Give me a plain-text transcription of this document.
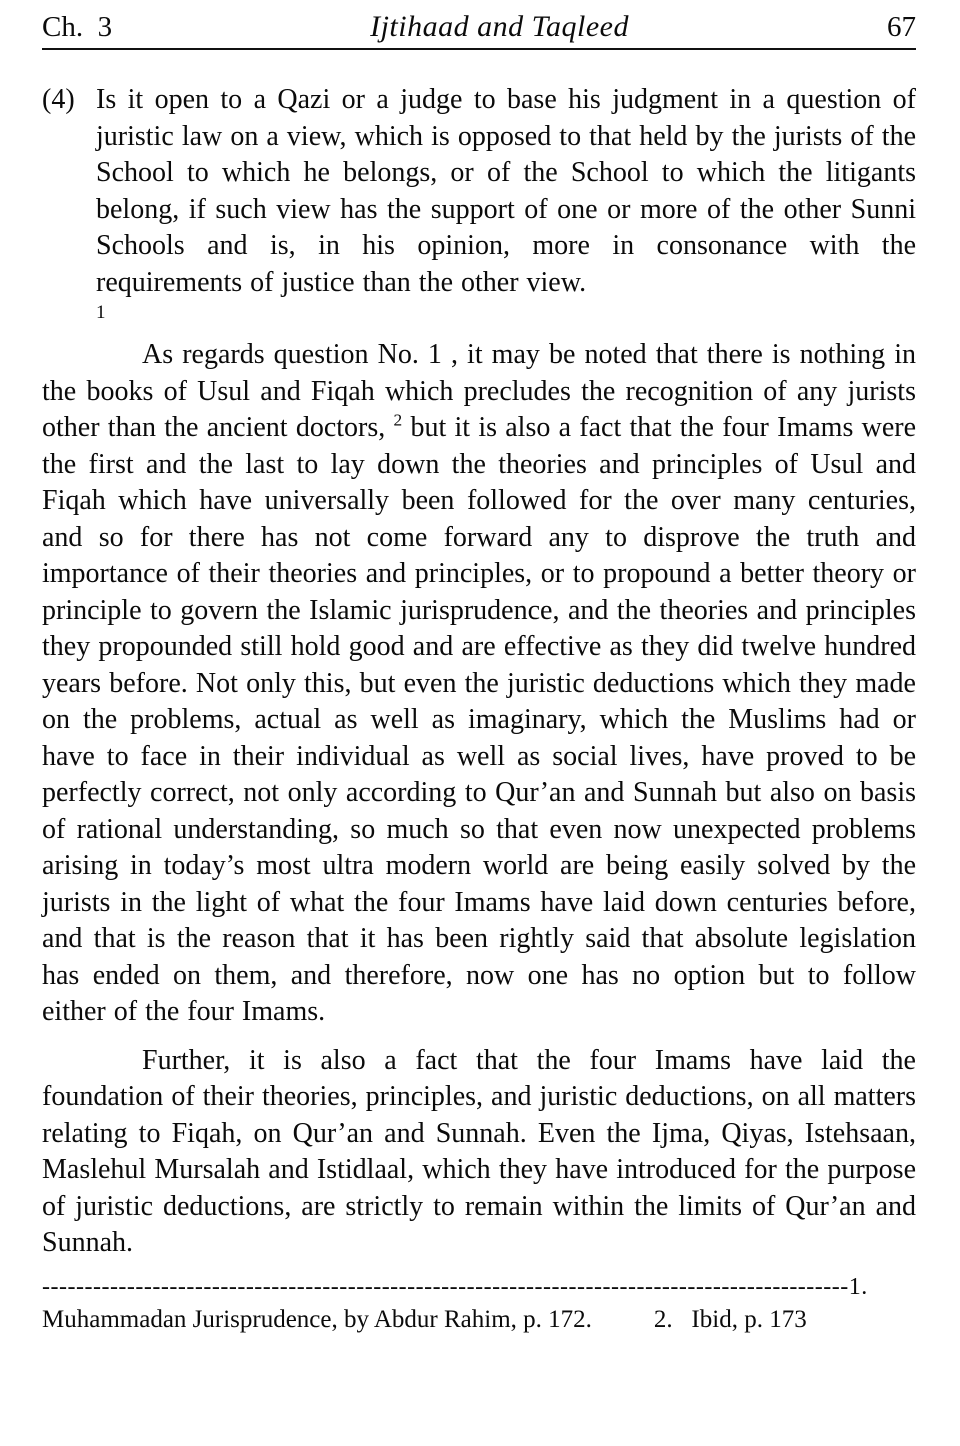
Ch.  3	Ijtihaad and Taqleed	67
(4) Is it open to a Qazi or a judge to base his judgment in a question of juristic law on a view, which is opposed to that held by the jurists of the School to which he belongs, or of the School to which the litigants belong, if such view has the support of one or more of the other Sunni Schools and is, in his opinion, more in consonance with the requirements of justice than the other view.
1
As regards question No. 1 , it may be noted that there is nothing in the books of Usul and Fiqah which precludes the recognition of any jurists other than the ancient doctors, $^2$ but it is also a fact that the four Imams were the first and the last to lay down the theories and principles of Usul and Fiqah which have universally been followed for the over many centuries, and so for there has not come forward any to disprove the truth and importance of their theories and principles, or to propound a better theory or principle to govern the Islamic jurisprudence, and the theories and principles they propounded still hold good and are effective as they did twelve hundred years before. Not only this, but even the juristic deductions which they made on the problems, actual as well as imaginary, which the Muslims had or have to face in their individual as well as social lives, have proved to be perfectly correct, not only according to Qur’an and Sunnah but also on basis of rational understanding, so much so that even now unexpected problems arising in today’s most ultra modern world are being easily solved by the jurists in the light of what the four Imams have laid down centuries before, and that is the reason that it has been rightly said that absolute legislation has ended on them, and therefore, now one has no option but to follow either of the four Imams.
Further, it is also a fact that the four Imams have laid the foundation of their theories, principles, and juristic deductions, on all matters relating to Fiqah, on Qur’an and Sunnah. Even the Ijma, Qiyas, Istehsaan, Maslehul Mursalah and Istidlaal, which they have introduced for the purpose of juristic deductions, are strictly to remain within the limits of Qur’an and Sunnah.
-----------------------------------------------------------------------------------------------1.
Muhammadan Jurisprudence, by Abdur Rahim, p. 172. 2.   Ibid, p. 173
